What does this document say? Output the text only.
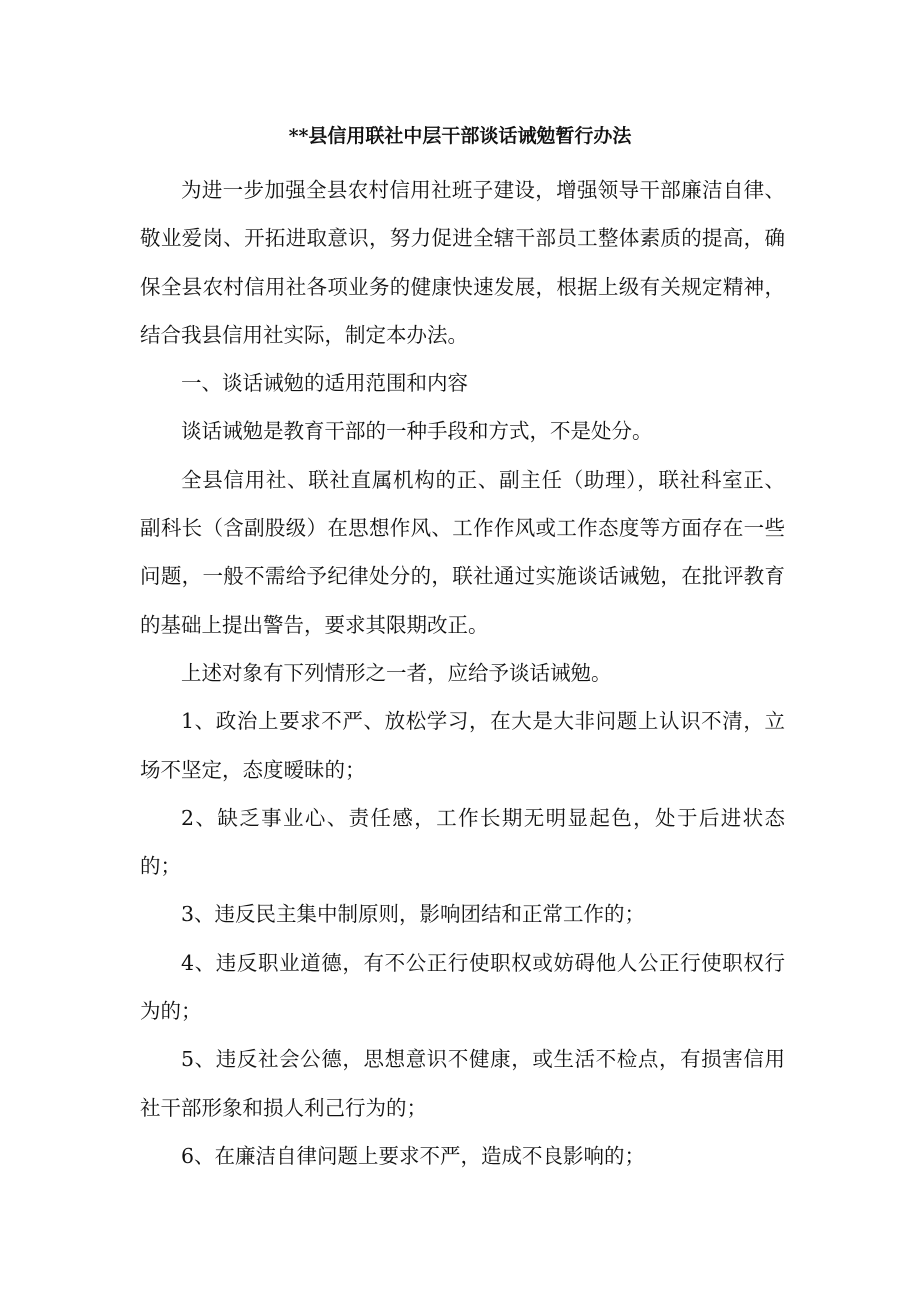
**县信用联社中层干部谈话诫勉暂行办法

为进一步加强全县农村信用社班子建设，增强领导干部廉洁自律、敬业爱岗、开拓进取意识，努力促进全辖干部员工整体素质的提高，确保全县农村信用社各项业务的健康快速发展，根据上级有关规定精神，结合我县信用社实际，制定本办法。

一、谈话诫勉的适用范围和内容

谈话诫勉是教育干部的一种手段和方式，不是处分。

全县信用社、联社直属机构的正、副主任（助理），联社科室正、副科长（含副股级）在思想作风、工作作风或工作态度等方面存在一些问题，一般不需给予纪律处分的，联社通过实施谈话诫勉，在批评教育的基础上提出警告，要求其限期改正。

上述对象有下列情形之一者，应给予谈话诫勉。

1、政治上要求不严、放松学习，在大是大非问题上认识不清，立场不坚定，态度暧昧的；

2、缺乏事业心、责任感，工作长期无明显起色，处于后进状态的；

3、违反民主集中制原则，影响团结和正常工作的；

4、违反职业道德，有不公正行使职权或妨碍他人公正行使职权行为的；

5、违反社会公德，思想意识不健康，或生活不检点，有损害信用社干部形象和损人利己行为的；

6、在廉洁自律问题上要求不严，造成不良影响的；
